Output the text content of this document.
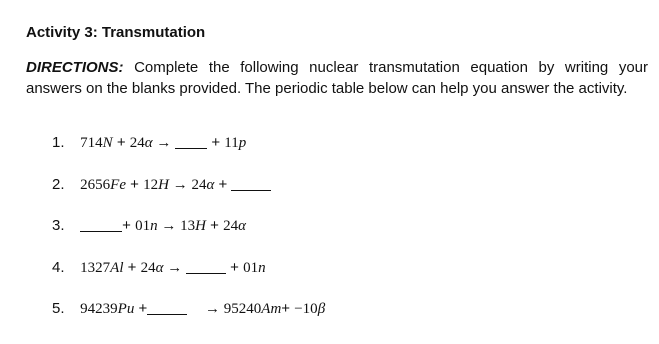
Activity 3: Transmutation
DIRECTIONS: Complete the following nuclear transmutation equation by writing your answers on the blanks provided. The periodic table below can help you answer the activity.
1. 714N + 24α →  + 11p
2. 2656Fe + 12H → 24α +
3.	+ 01n → 13H + 24α
4. 1327Al + 24α →	+ 01n
5. 94239Pu +	→ 95240Am+ −10β
